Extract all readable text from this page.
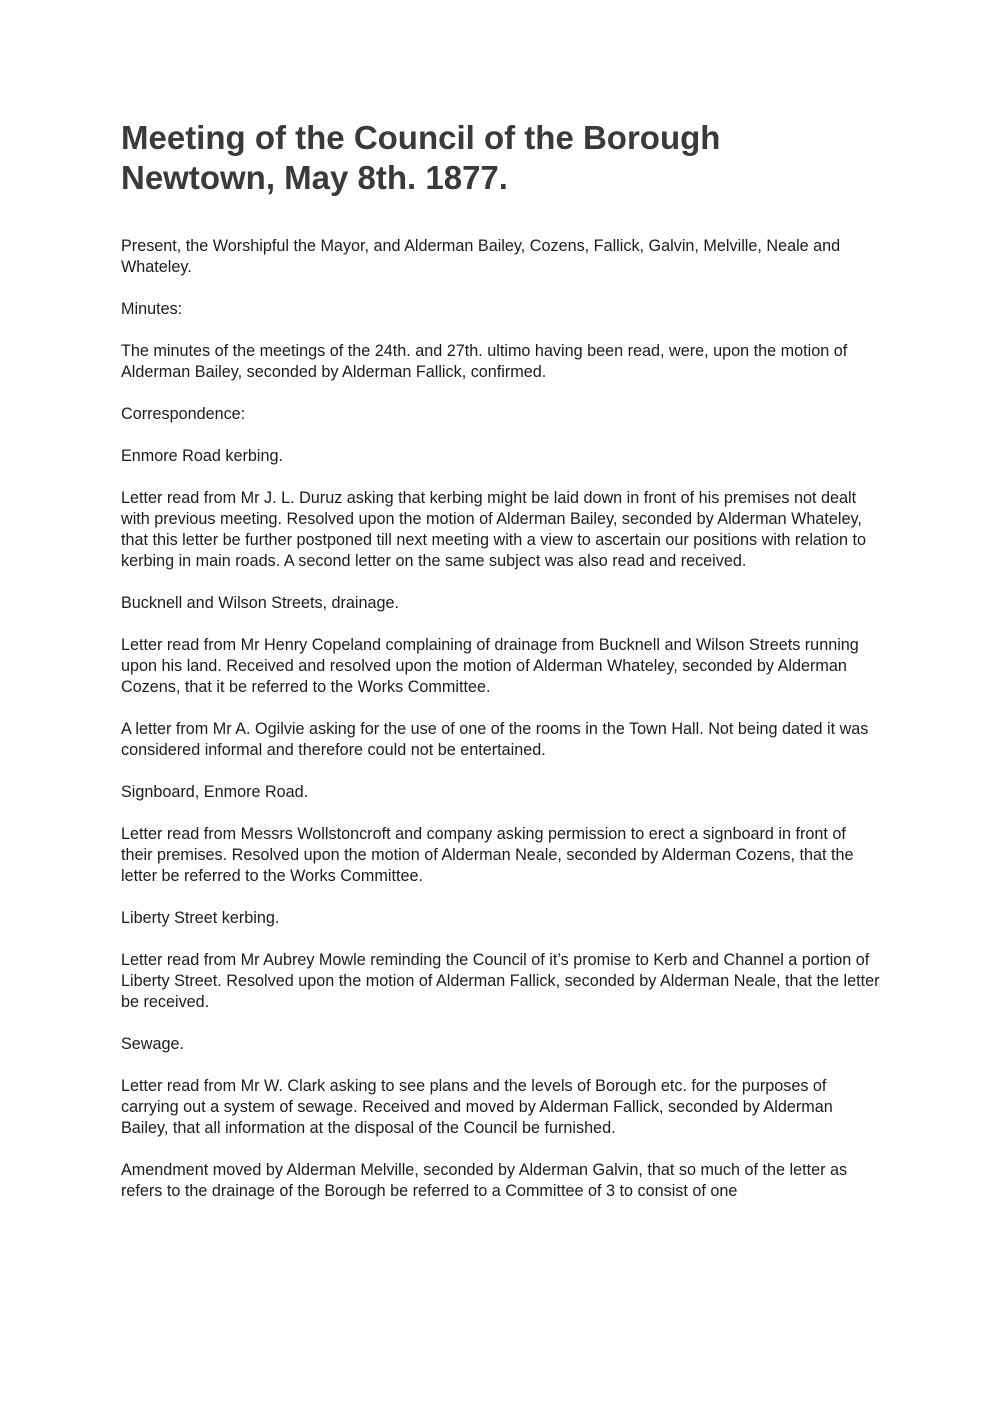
Meeting of the Council of the Borough Newtown, May 8th. 1877.

Present, the Worshipful the Mayor, and Alderman Bailey, Cozens, Fallick, Galvin, Melville, Neale and Whateley.

Minutes:

The minutes of the meetings of the 24th. and 27th. ultimo having been read, were, upon the motion of Alderman Bailey, seconded by Alderman Fallick, confirmed.

Correspondence:

Enmore Road kerbing.

Letter read from Mr J. L. Duruz asking that kerbing might be laid down in front of his premises not dealt with previous meeting. Resolved upon the motion of Alderman Bailey, seconded by Alderman Whateley, that this letter be further postponed till next meeting with a view to ascertain our positions with relation to kerbing in main roads. A second letter on the same subject was also read and received.

Bucknell and Wilson Streets, drainage.

Letter read from Mr Henry Copeland complaining of drainage from Bucknell and Wilson Streets running upon his land. Received and resolved upon the motion of Alderman Whateley, seconded by Alderman Cozens, that it be referred to the Works Committee.

A letter from Mr A. Ogilvie asking for the use of one of the rooms in the Town Hall. Not being dated it was considered informal and therefore could not be entertained.

Signboard, Enmore Road.

Letter read from Messrs Wollstoncroft and company asking permission to erect a signboard in front of their premises. Resolved upon the motion of Alderman Neale, seconded by Alderman Cozens, that the letter be referred to the Works Committee.

Liberty Street kerbing.

Letter read from Mr Aubrey Mowle reminding the Council of it’s promise to Kerb and Channel a portion of Liberty Street. Resolved upon the motion of Alderman Fallick, seconded by Alderman Neale, that the letter be received.

Sewage.

Letter read from Mr W. Clark asking to see plans and the levels of Borough etc. for the purposes of carrying out a system of sewage. Received and moved by Alderman Fallick, seconded by Alderman Bailey, that all information at the disposal of the Council be furnished.

Amendment moved by Alderman Melville, seconded by Alderman Galvin, that so much of the letter as refers to the drainage of the Borough be referred to a Committee of 3 to consist of one
